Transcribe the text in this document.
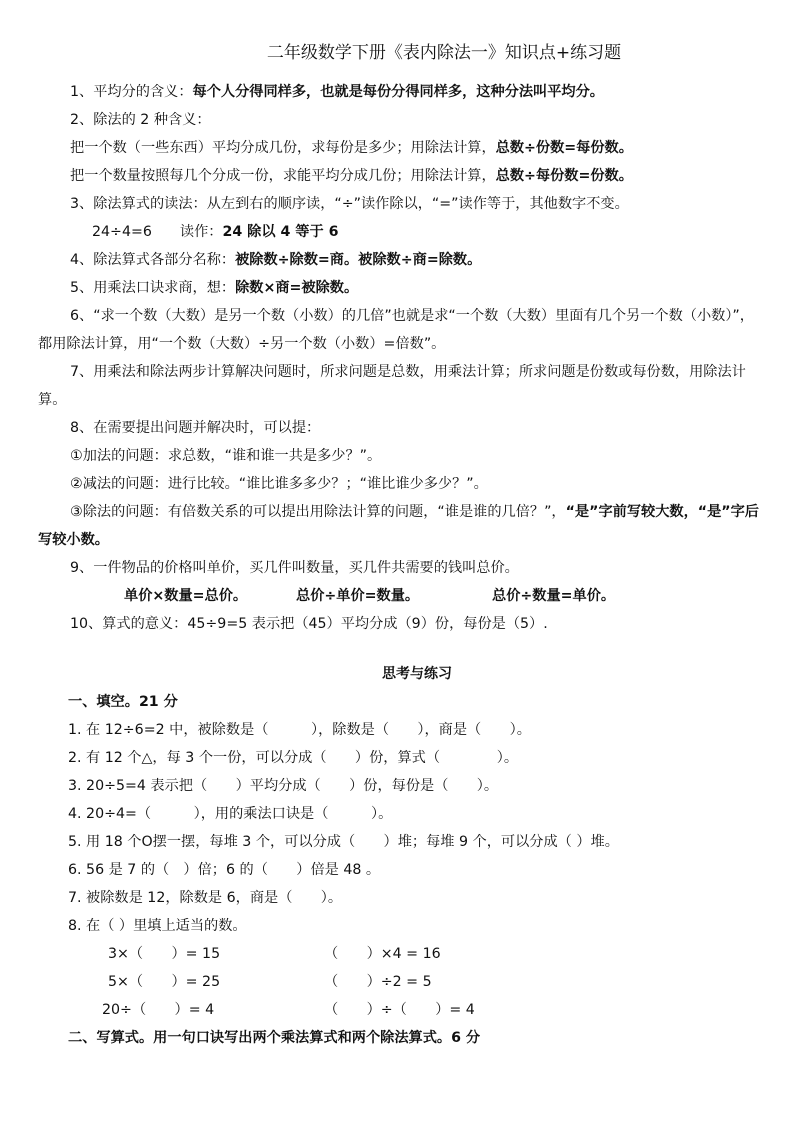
二年级数学下册《表内除法一》知识点+练习题
1、平均分的含义：每个人分得同样多，也就是每份分得同样多，这种分法叫平均分。
2、除法的 2 种含义：
把一个数（一些东西）平均分成几份，求每份是多少；用除法计算，总数÷份数=每份数。
把一个数量按照每几个分成一份，求能平均分成几份；用除法计算，总数÷每份数=份数。
3、除法算式的读法：从左到右的顺序读，“÷”读作除以，“=”读作等于，其他数字不变。
24÷4=6 读作：24 除以 4 等于 6
4、除法算式各部分名称：被除数÷除数=商。被除数÷商=除数。
5、用乘法口诀求商，想：除数×商=被除数。
6、“求一个数（大数）是另一个数（小数）的几倍”也就是求“一个数（大数）里面有几个另一个数（小数）”，都用除法计算，用“一个数（大数）÷另一个数（小数）=倍数”。
7、用乘法和除法两步计算解决问题时，所求问题是总数，用乘法计算；所求问题是份数或每份数，用除法计算。
8、在需要提出问题并解决时，可以提：
①加法的问题：求总数，“谁和谁一共是多少？”。
②减法的问题：进行比较。“谁比谁多多少？；“谁比谁少多少？”。
③除法的问题：有倍数关系的可以提出用除法计算的问题，“谁是谁的几倍？”，“是”字前写较大数，“是”字后写较小数。
9、一件物品的价格叫单价，买几件叫数量，买几件共需要的钱叫总价。
单价×数量=总价。	总价÷单价=数量。	总价÷数量=单价。
10、算式的意义：45÷9=5 表示把（45）平均分成（9）份，每份是（5）.
思考与练习
一、填空。21 分
1. 在 12÷6=2 中，被除数是（　　　），除数是（　　），商是（　　）。
2. 有 12 个△，每 3 个一份，可以分成（　　）份，算式（　　　　）。
3. 20÷5=4 表示把（　　）平均分成（　　）份，每份是（　　）。
4. 20÷4=（　　　），用的乘法口诀是（　　　）。
5. 用 18 个O摆一摆，每堆 3 个，可以分成（　　）堆；每堆 9 个，可以分成（ ）堆。
6. 56 是 7 的（　）倍；6 的（　　）倍是 48 。
7. 被除数是 12，除数是 6，商是（　　）。
8. 在（ ）里填上适当的数。
3×（　　）= 15	（　　）×4 = 16
5×（　　）= 25	（　　）÷2 = 5
20÷（　　）= 4	（　　）÷（　　）= 4
二、写算式。用一句口诀写出两个乘法算式和两个除法算式。6 分
